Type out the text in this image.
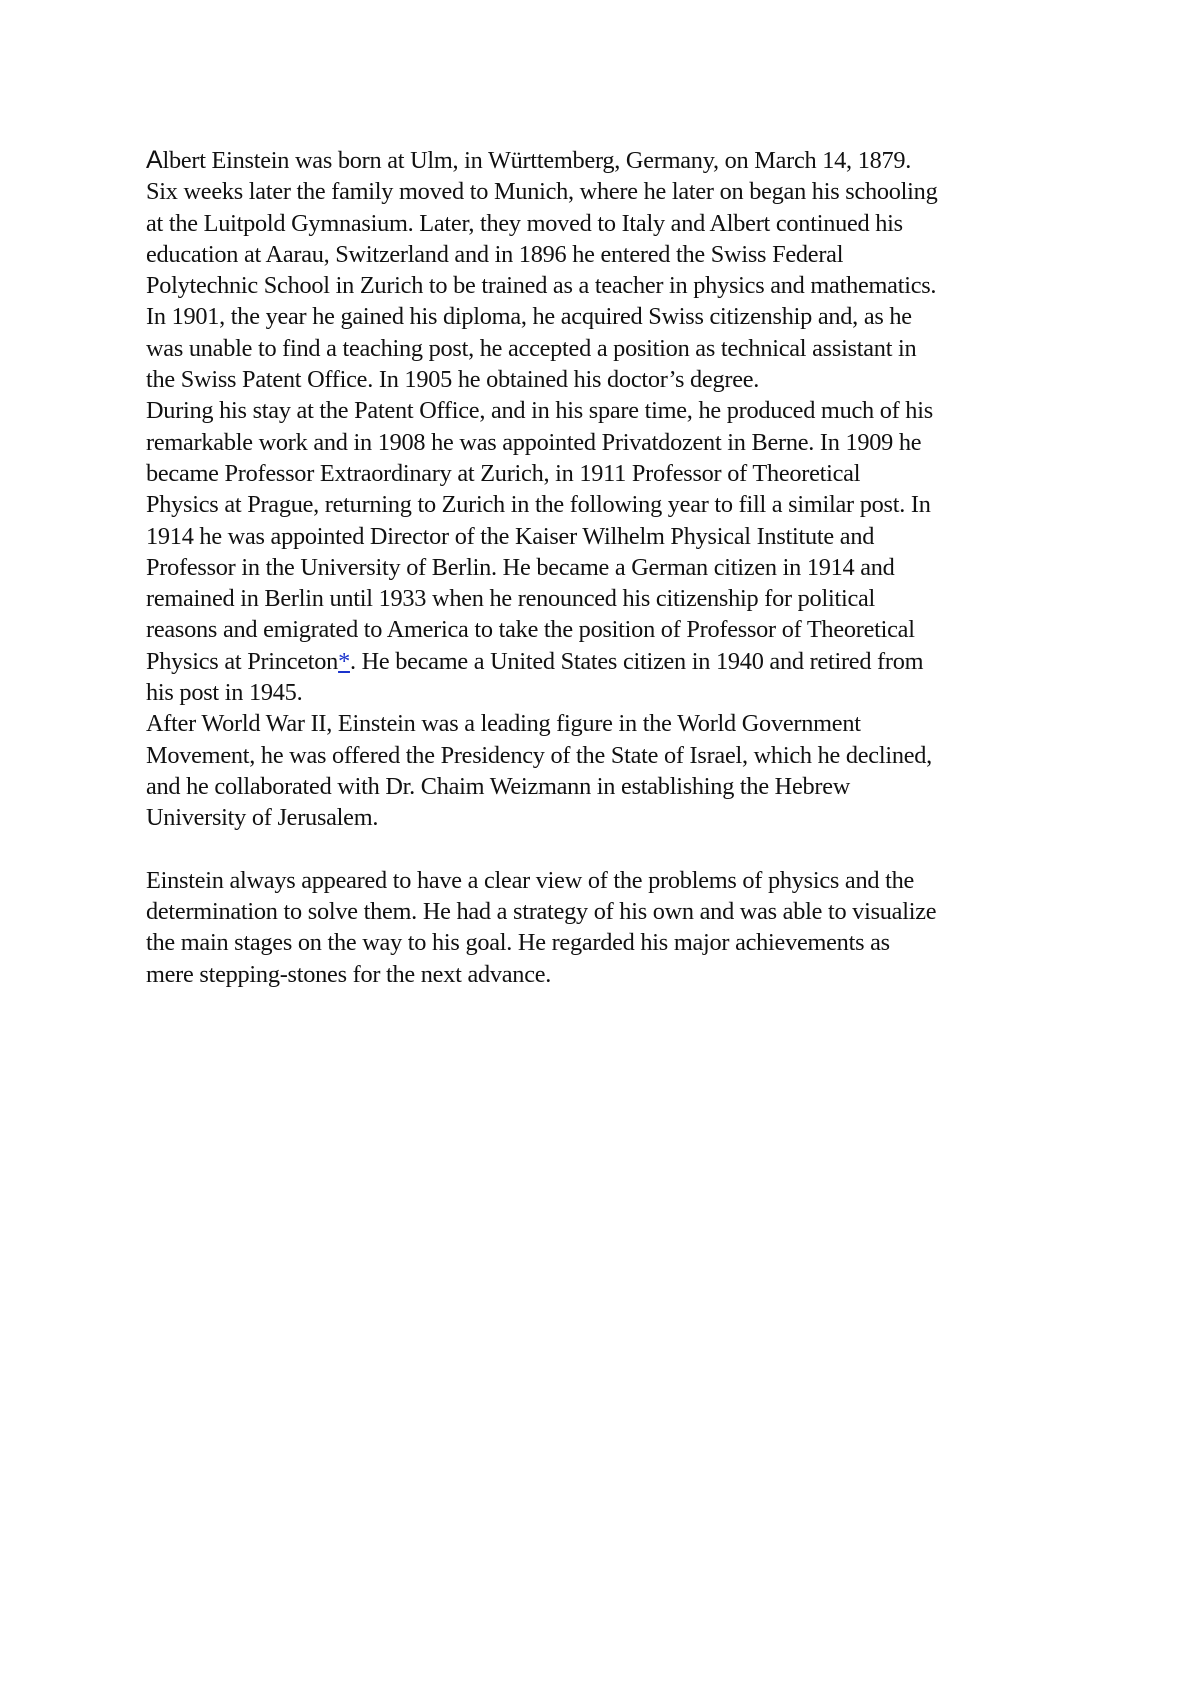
Albert Einstein was born at Ulm, in Württemberg, Germany, on March 14, 1879.
Six weeks later the family moved to Munich, where he later on began his schooling
at the Luitpold Gymnasium. Later, they moved to Italy and Albert continued his
education at Aarau, Switzerland and in 1896 he entered the Swiss Federal
Polytechnic School in Zurich to be trained as a teacher in physics and mathematics.
In 1901, the year he gained his diploma, he acquired Swiss citizenship and, as he
was unable to find a teaching post, he accepted a position as technical assistant in
the Swiss Patent Office. In 1905 he obtained his doctor’s degree.

During his stay at the Patent Office, and in his spare time, he produced much of his
remarkable work and in 1908 he was appointed Privatdozent in Berne. In 1909 he
became Professor Extraordinary at Zurich, in 1911 Professor of Theoretical
Physics at Prague, returning to Zurich in the following year to fill a similar post. In
1914 he was appointed Director of the Kaiser Wilhelm Physical Institute and
Professor in the University of Berlin. He became a German citizen in 1914 and
remained in Berlin until 1933 when he renounced his citizenship for political
reasons and emigrated to America to take the position of Professor of Theoretical
Physics at Princeton*. He became a United States citizen in 1940 and retired from
his post in 1945.

After World War II, Einstein was a leading figure in the World Government
Movement, he was offered the Presidency of the State of Israel, which he declined,
and he collaborated with Dr. Chaim Weizmann in establishing the Hebrew
University of Jerusalem.

Einstein always appeared to have a clear view of the problems of physics and the
determination to solve them. He had a strategy of his own and was able to visualize
the main stages on the way to his goal. He regarded his major achievements as
mere stepping-stones for the next advance.
